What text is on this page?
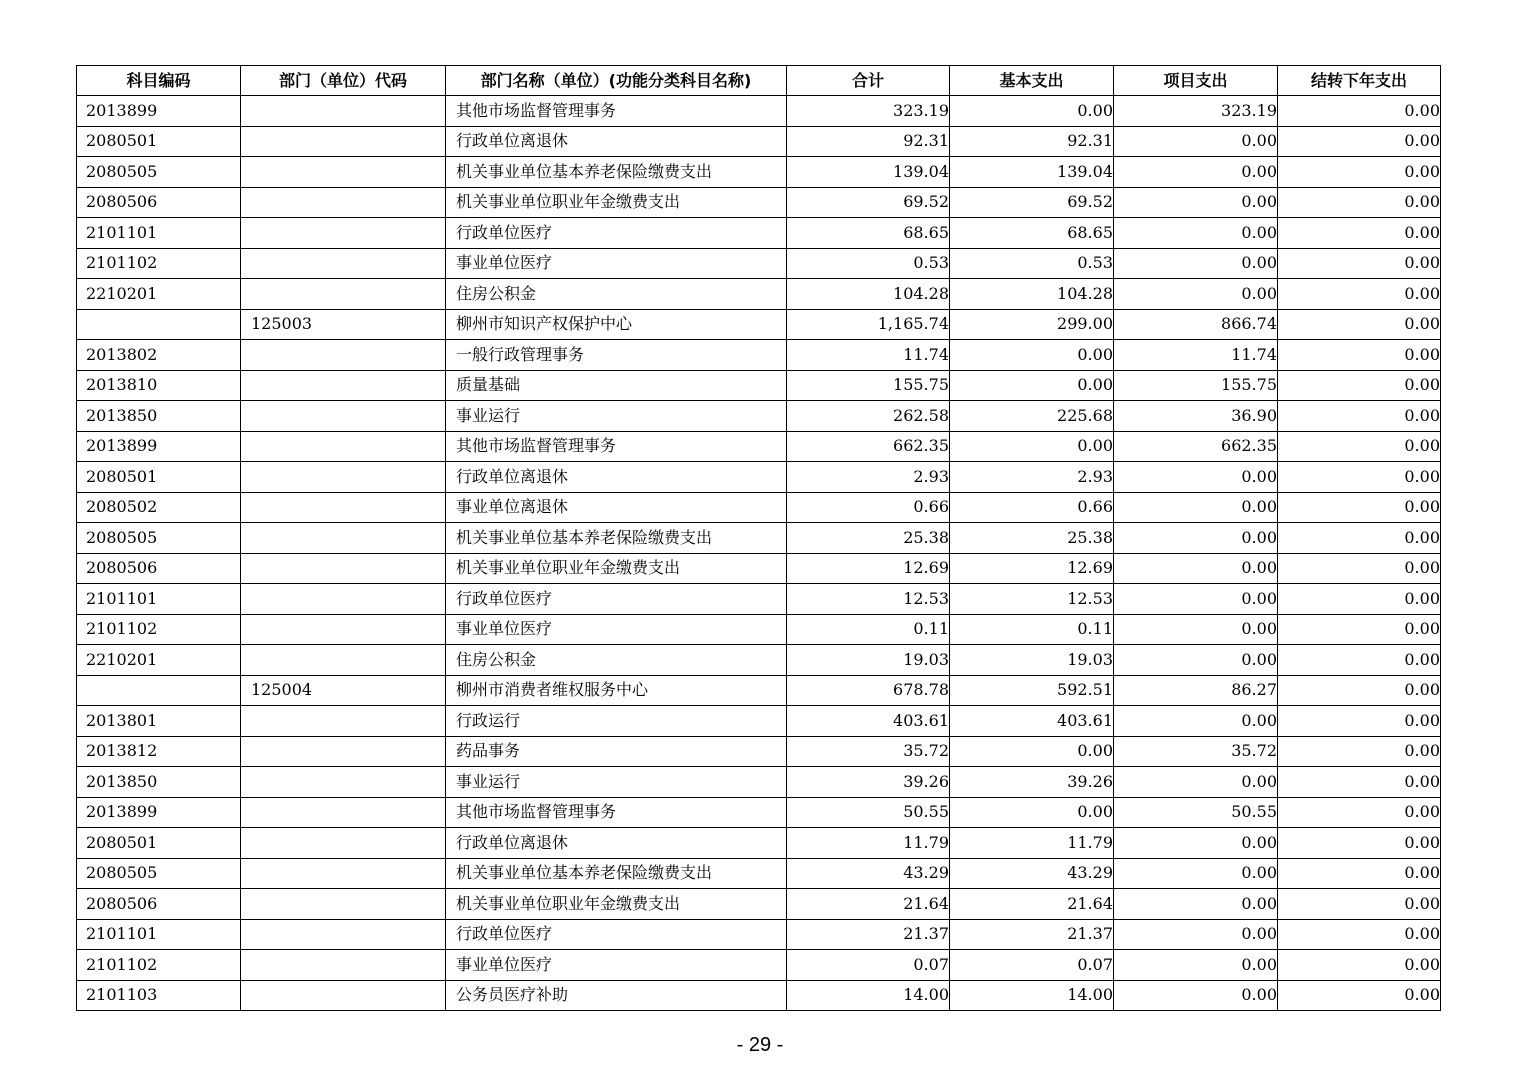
科目编码	部门（单位）代码	部门名称（单位）(功能分类科目名称)	合计	基本支出	项目支出	结转下年支出
2013899		其他市场监督管理事务	323.19	0.00	323.19	0.00
2080501		行政单位离退休	92.31	92.31	0.00	0.00
2080505		机关事业单位基本养老保险缴费支出	139.04	139.04	0.00	0.00
2080506		机关事业单位职业年金缴费支出	69.52	69.52	0.00	0.00
2101101		行政单位医疗	68.65	68.65	0.00	0.00
2101102		事业单位医疗	0.53	0.53	0.00	0.00
2210201		住房公积金	104.28	104.28	0.00	0.00
	125003	柳州市知识产权保护中心	1,165.74	299.00	866.74	0.00
2013802		一般行政管理事务	11.74	0.00	11.74	0.00
2013810		质量基础	155.75	0.00	155.75	0.00
2013850		事业运行	262.58	225.68	36.90	0.00
2013899		其他市场监督管理事务	662.35	0.00	662.35	0.00
2080501		行政单位离退休	2.93	2.93	0.00	0.00
2080502		事业单位离退休	0.66	0.66	0.00	0.00
2080505		机关事业单位基本养老保险缴费支出	25.38	25.38	0.00	0.00
2080506		机关事业单位职业年金缴费支出	12.69	12.69	0.00	0.00
2101101		行政单位医疗	12.53	12.53	0.00	0.00
2101102		事业单位医疗	0.11	0.11	0.00	0.00
2210201		住房公积金	19.03	19.03	0.00	0.00
	125004	柳州市消费者维权服务中心	678.78	592.51	86.27	0.00
2013801		行政运行	403.61	403.61	0.00	0.00
2013812		药品事务	35.72	0.00	35.72	0.00
2013850		事业运行	39.26	39.26	0.00	0.00
2013899		其他市场监督管理事务	50.55	0.00	50.55	0.00
2080501		行政单位离退休	11.79	11.79	0.00	0.00
2080505		机关事业单位基本养老保险缴费支出	43.29	43.29	0.00	0.00
2080506		机关事业单位职业年金缴费支出	21.64	21.64	0.00	0.00
2101101		行政单位医疗	21.37	21.37	0.00	0.00
2101102		事业单位医疗	0.07	0.07	0.00	0.00
2101103		公务员医疗补助	14.00	14.00	0.00	0.00
- 29 -
